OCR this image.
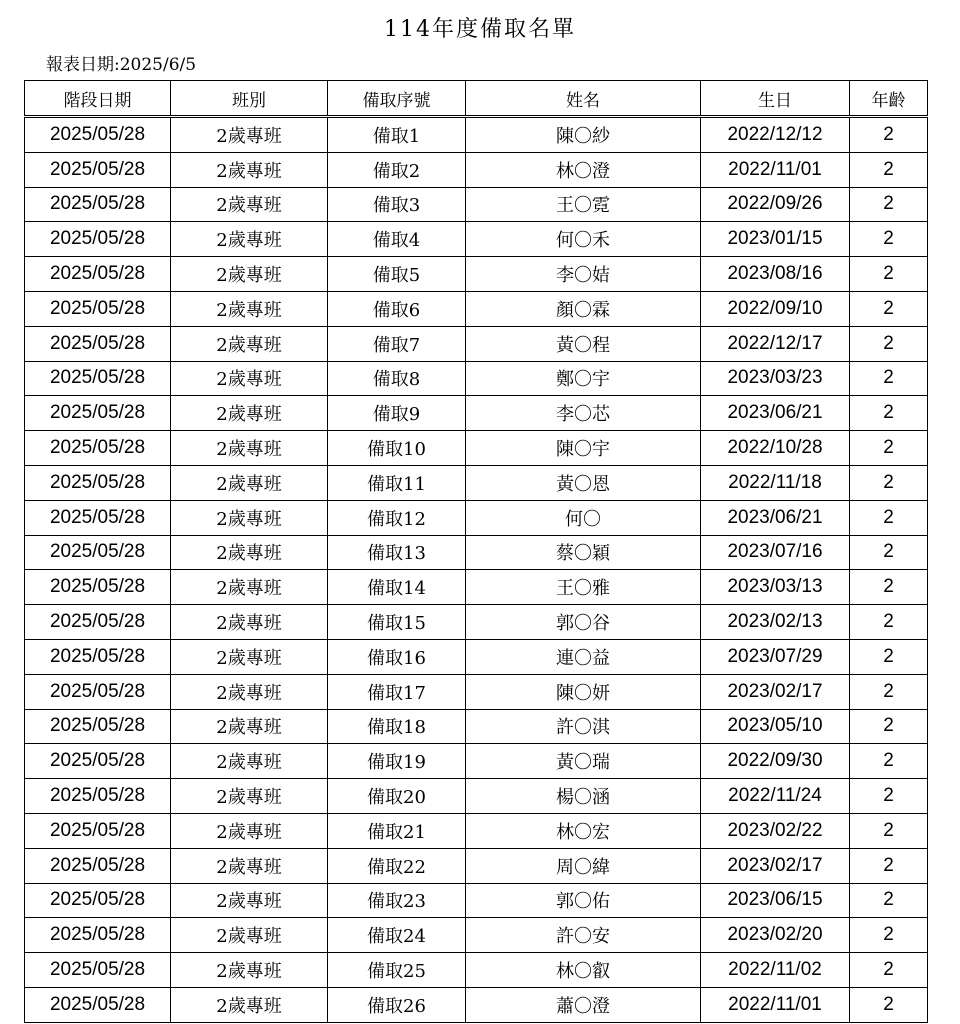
114年度備取名單
報表日期:2025/6/5
階段日期	班別	備取序號	姓名	生日	年齡
2025/05/28	2歲專班	備取1	陳〇紗	2022/12/12	2
2025/05/28	2歲專班	備取2	林〇澄	2022/11/01	2
2025/05/28	2歲專班	備取3	王〇霓	2022/09/26	2
2025/05/28	2歲專班	備取4	何〇禾	2023/01/15	2
2025/05/28	2歲專班	備取5	李〇姞	2023/08/16	2
2025/05/28	2歲專班	備取6	顏〇霖	2022/09/10	2
2025/05/28	2歲專班	備取7	黃〇程	2022/12/17	2
2025/05/28	2歲專班	備取8	鄭〇宇	2023/03/23	2
2025/05/28	2歲專班	備取9	李〇芯	2023/06/21	2
2025/05/28	2歲專班	備取10	陳〇宇	2022/10/28	2
2025/05/28	2歲專班	備取11	黃〇恩	2022/11/18	2
2025/05/28	2歲專班	備取12	何〇	2023/06/21	2
2025/05/28	2歲專班	備取13	蔡〇穎	2023/07/16	2
2025/05/28	2歲專班	備取14	王〇雅	2023/03/13	2
2025/05/28	2歲專班	備取15	郭〇谷	2023/02/13	2
2025/05/28	2歲專班	備取16	連〇益	2023/07/29	2
2025/05/28	2歲專班	備取17	陳〇妍	2023/02/17	2
2025/05/28	2歲專班	備取18	許〇淇	2023/05/10	2
2025/05/28	2歲專班	備取19	黃〇瑞	2022/09/30	2
2025/05/28	2歲專班	備取20	楊〇涵	2022/11/24	2
2025/05/28	2歲專班	備取21	林〇宏	2023/02/22	2
2025/05/28	2歲專班	備取22	周〇緯	2023/02/17	2
2025/05/28	2歲專班	備取23	郭〇佑	2023/06/15	2
2025/05/28	2歲專班	備取24	許〇安	2023/02/20	2
2025/05/28	2歲專班	備取25	林〇叡	2022/11/02	2
2025/05/28	2歲專班	備取26	蕭〇澄	2022/11/01	2
